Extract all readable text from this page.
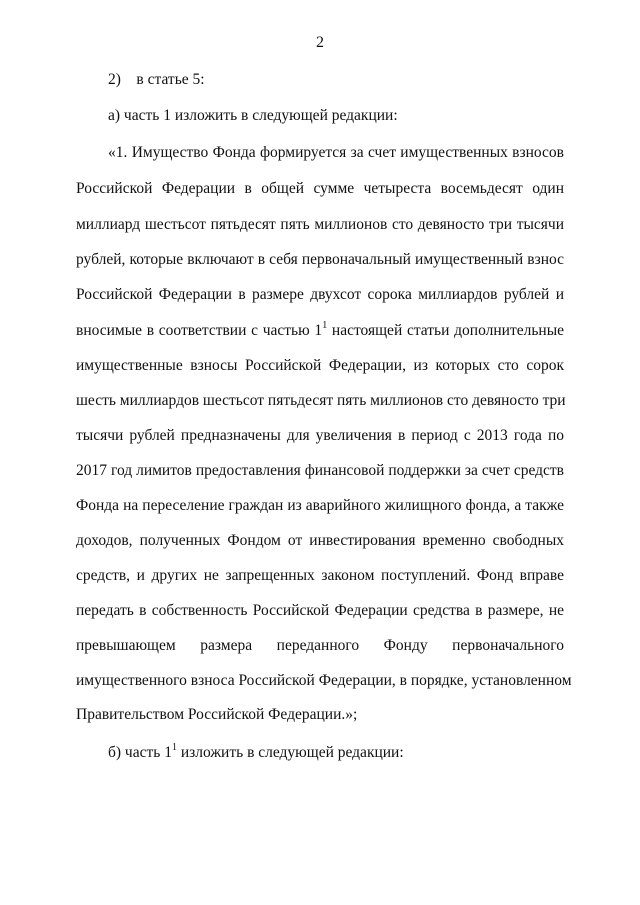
2
2) в статье 5:
а) часть 1 изложить в следующей редакции:
«1. Имущество Фонда формируется за счет имущественных взносов
Российской Федерации в общей сумме четыреста восемьдесят один
миллиард шестьсот пятьдесят пять миллионов сто девяносто три тысячи
рублей, которые включают в себя первоначальный имущественный взнос
Российской Федерации в размере двухсот сорока миллиардов рублей и
вносимые в соответствии с частью $1^1$ настоящей статьи дополнительные
имущественные взносы Российской Федерации, из которых сто сорок
шесть миллиардов шестьсот пятьдесят пять миллионов сто девяносто три
тысячи рублей предназначены для увеличения в период с 2013 года по
2017 год лимитов предоставления финансовой поддержки за счет средств
Фонда на переселение граждан из аварийного жилищного фонда, а также
доходов, полученных Фондом от инвестирования временно свободных
средств, и других не запрещенных законом поступлений. Фонд вправе
передать в собственность Российской Федерации средства в размере, не
превышающем размера переданного Фонду первоначального
имущественного взноса Российской Федерации, в порядке, установленном
Правительством Российской Федерации.»;
б) часть $1^1$ изложить в следующей редакции:
